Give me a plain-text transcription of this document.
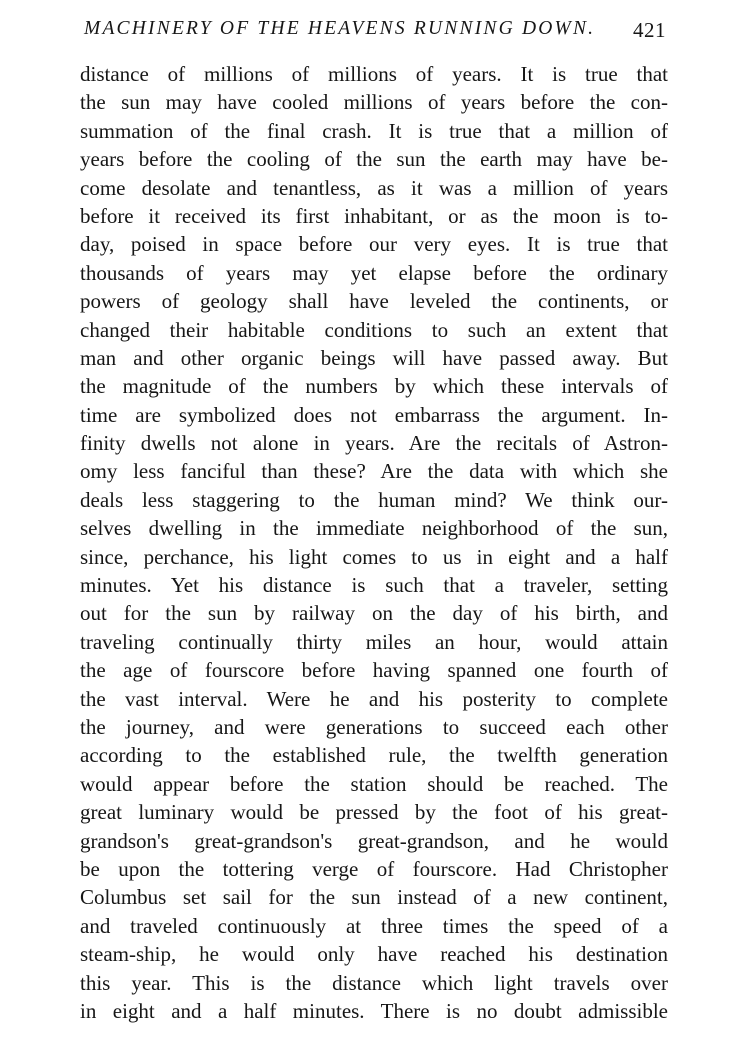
MACHINERY OF THE HEAVENS RUNNING DOWN. 421
distance of millions of millions of years. It is true that
the sun may have cooled millions of years before the con-
summation of the final crash. It is true that a million of
years before the cooling of the sun the earth may have be-
come desolate and tenantless, as it was a million of years
before it received its first inhabitant, or as the moon is to-
day, poised in space before our very eyes. It is true that
thousands of years may yet elapse before the ordinary
powers of geology shall have leveled the continents, or
changed their habitable conditions to such an extent that
man and other organic beings will have passed away. But
the magnitude of the numbers by which these intervals of
time are symbolized does not embarrass the argument. In-
finity dwells not alone in years. Are the recitals of Astron-
omy less fanciful than these? Are the data with which she
deals less staggering to the human mind? We think our-
selves dwelling in the immediate neighborhood of the sun,
since, perchance, his light comes to us in eight and a half
minutes. Yet his distance is such that a traveler, setting
out for the sun by railway on the day of his birth, and
traveling continually thirty miles an hour, would attain
the age of fourscore before having spanned one fourth of
the vast interval. Were he and his posterity to complete
the journey, and were generations to succeed each other
according to the established rule, the twelfth generation
would appear before the station should be reached. The
great luminary would be pressed by the foot of his great-
grandson's great-grandson's great-grandson, and he would
be upon the tottering verge of fourscore. Had Christopher
Columbus set sail for the sun instead of a new continent,
and traveled continuously at three times the speed of a
steam-ship, he would only have reached his destination
this year. This is the distance which light travels over
in eight and a half minutes. There is no doubt admissible
